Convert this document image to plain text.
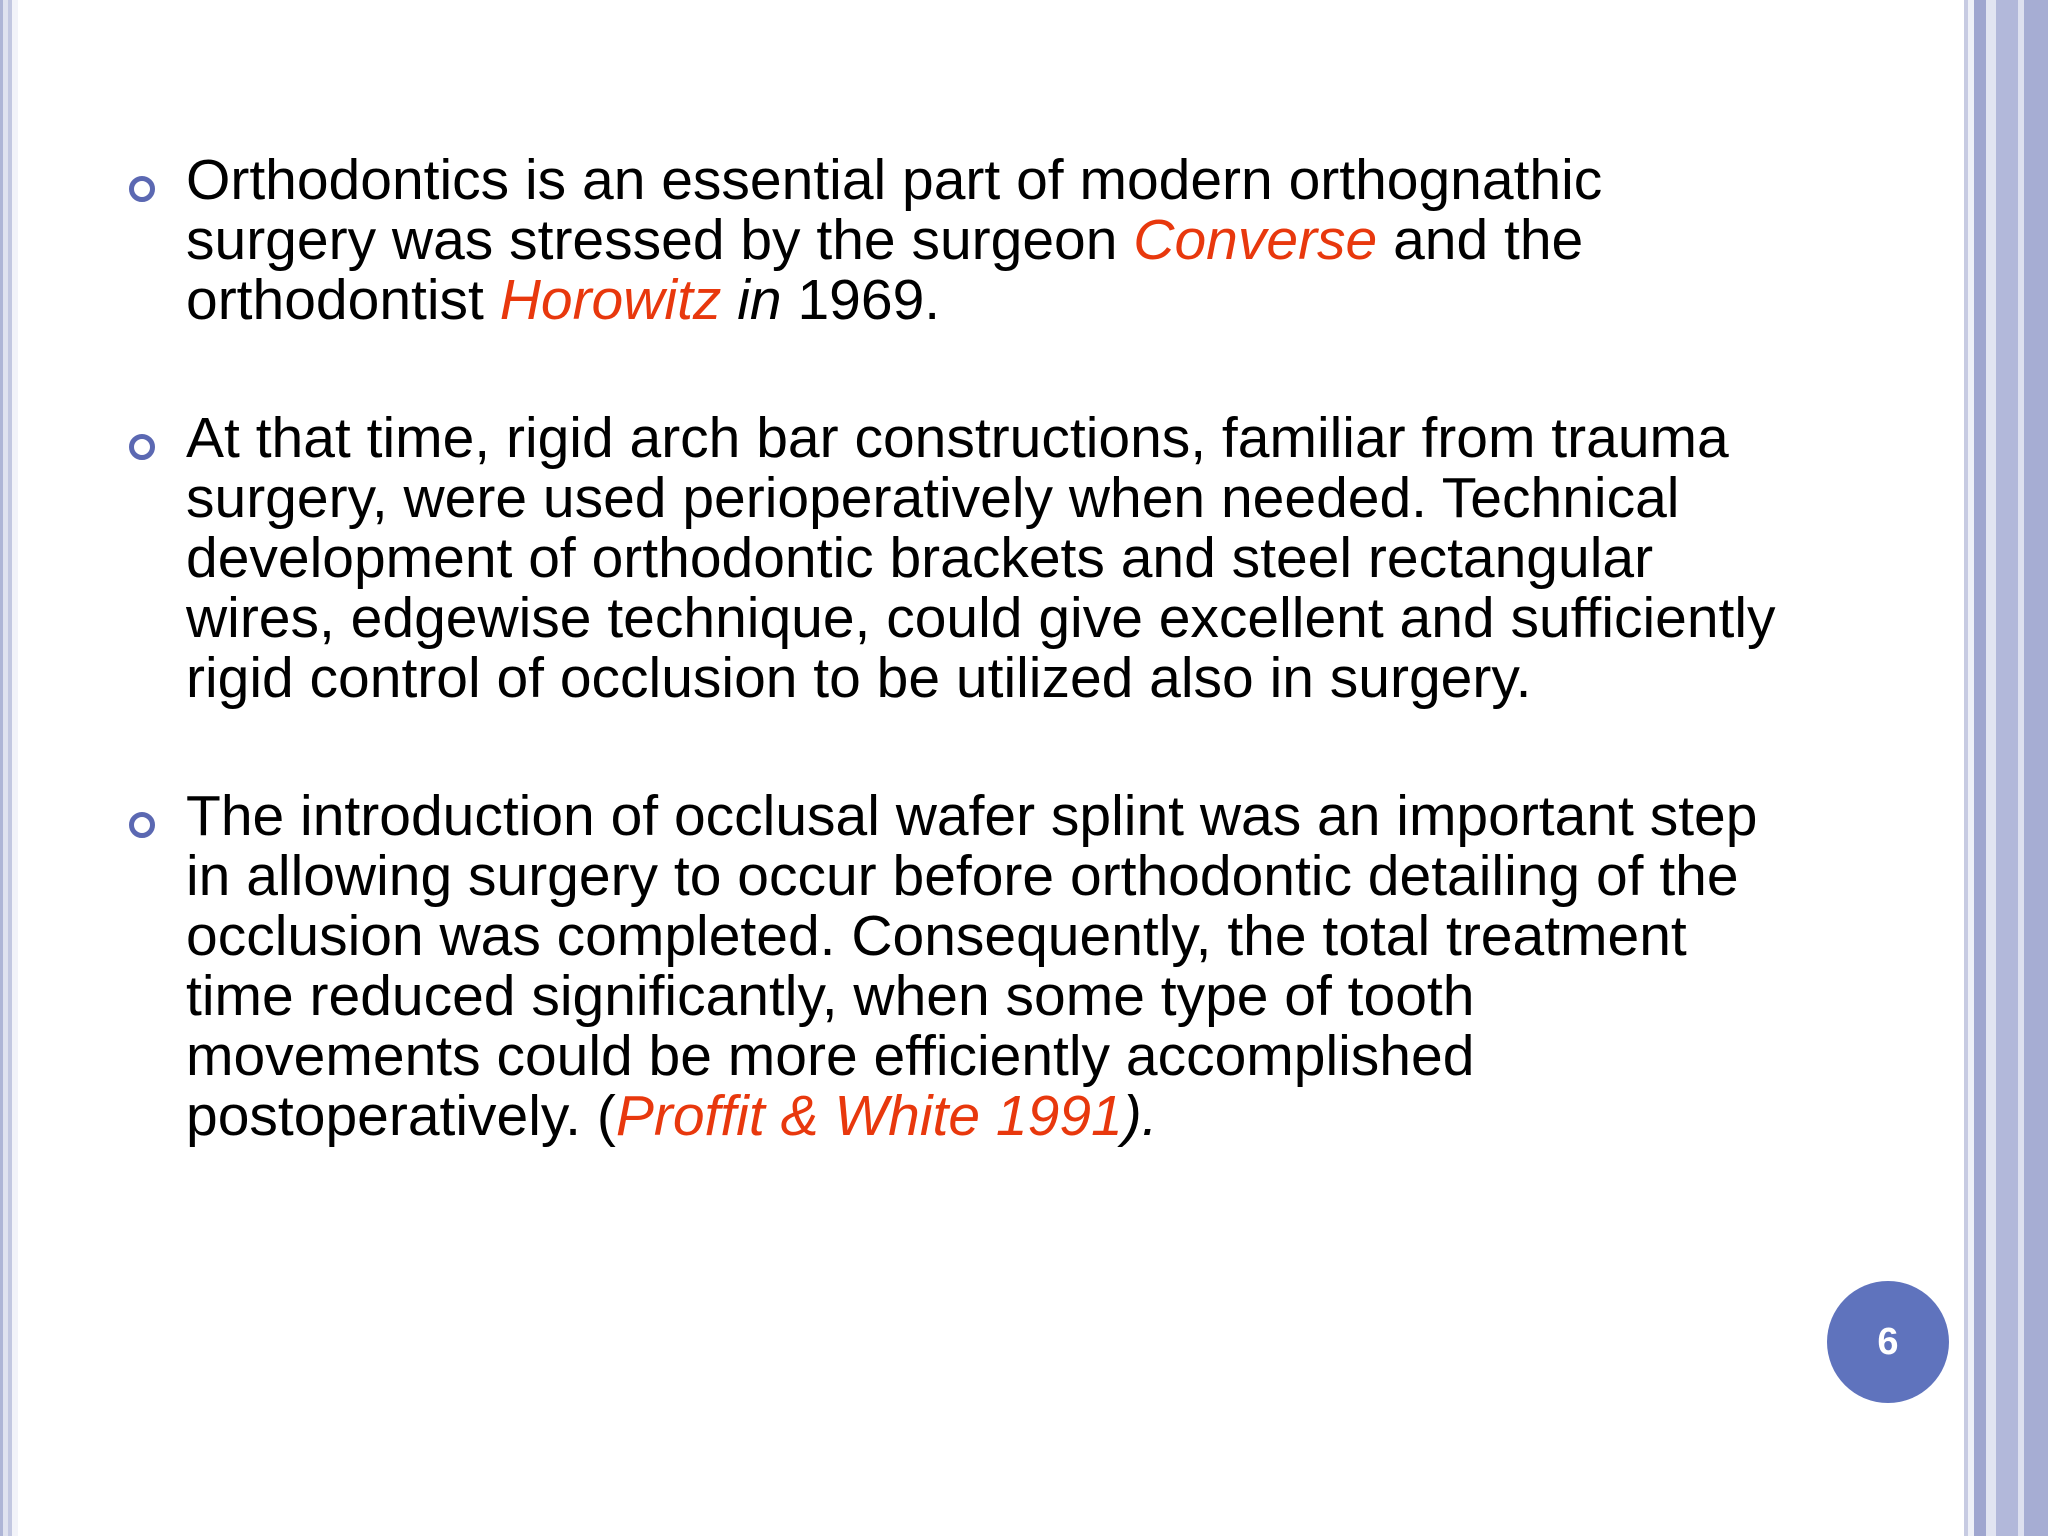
Orthodontics is an essential part of modern orthognathic surgery was stressed by the surgeon Converse and the orthodontist Horowitz in 1969.
At that time, rigid arch bar constructions, familiar from trauma surgery, were used perioperatively when needed. Technical development of orthodontic brackets and steel rectangular wires, edgewise technique, could give excellent and sufficiently rigid control of occlusion to be utilized also in surgery.
The introduction of occlusal wafer splint was an important step in allowing surgery to occur before orthodontic detailing of the occlusion was completed. Consequently, the total treatment time reduced significantly, when some type of tooth movements could be more efficiently accomplished postoperatively. (Proffit & White 1991).
6
